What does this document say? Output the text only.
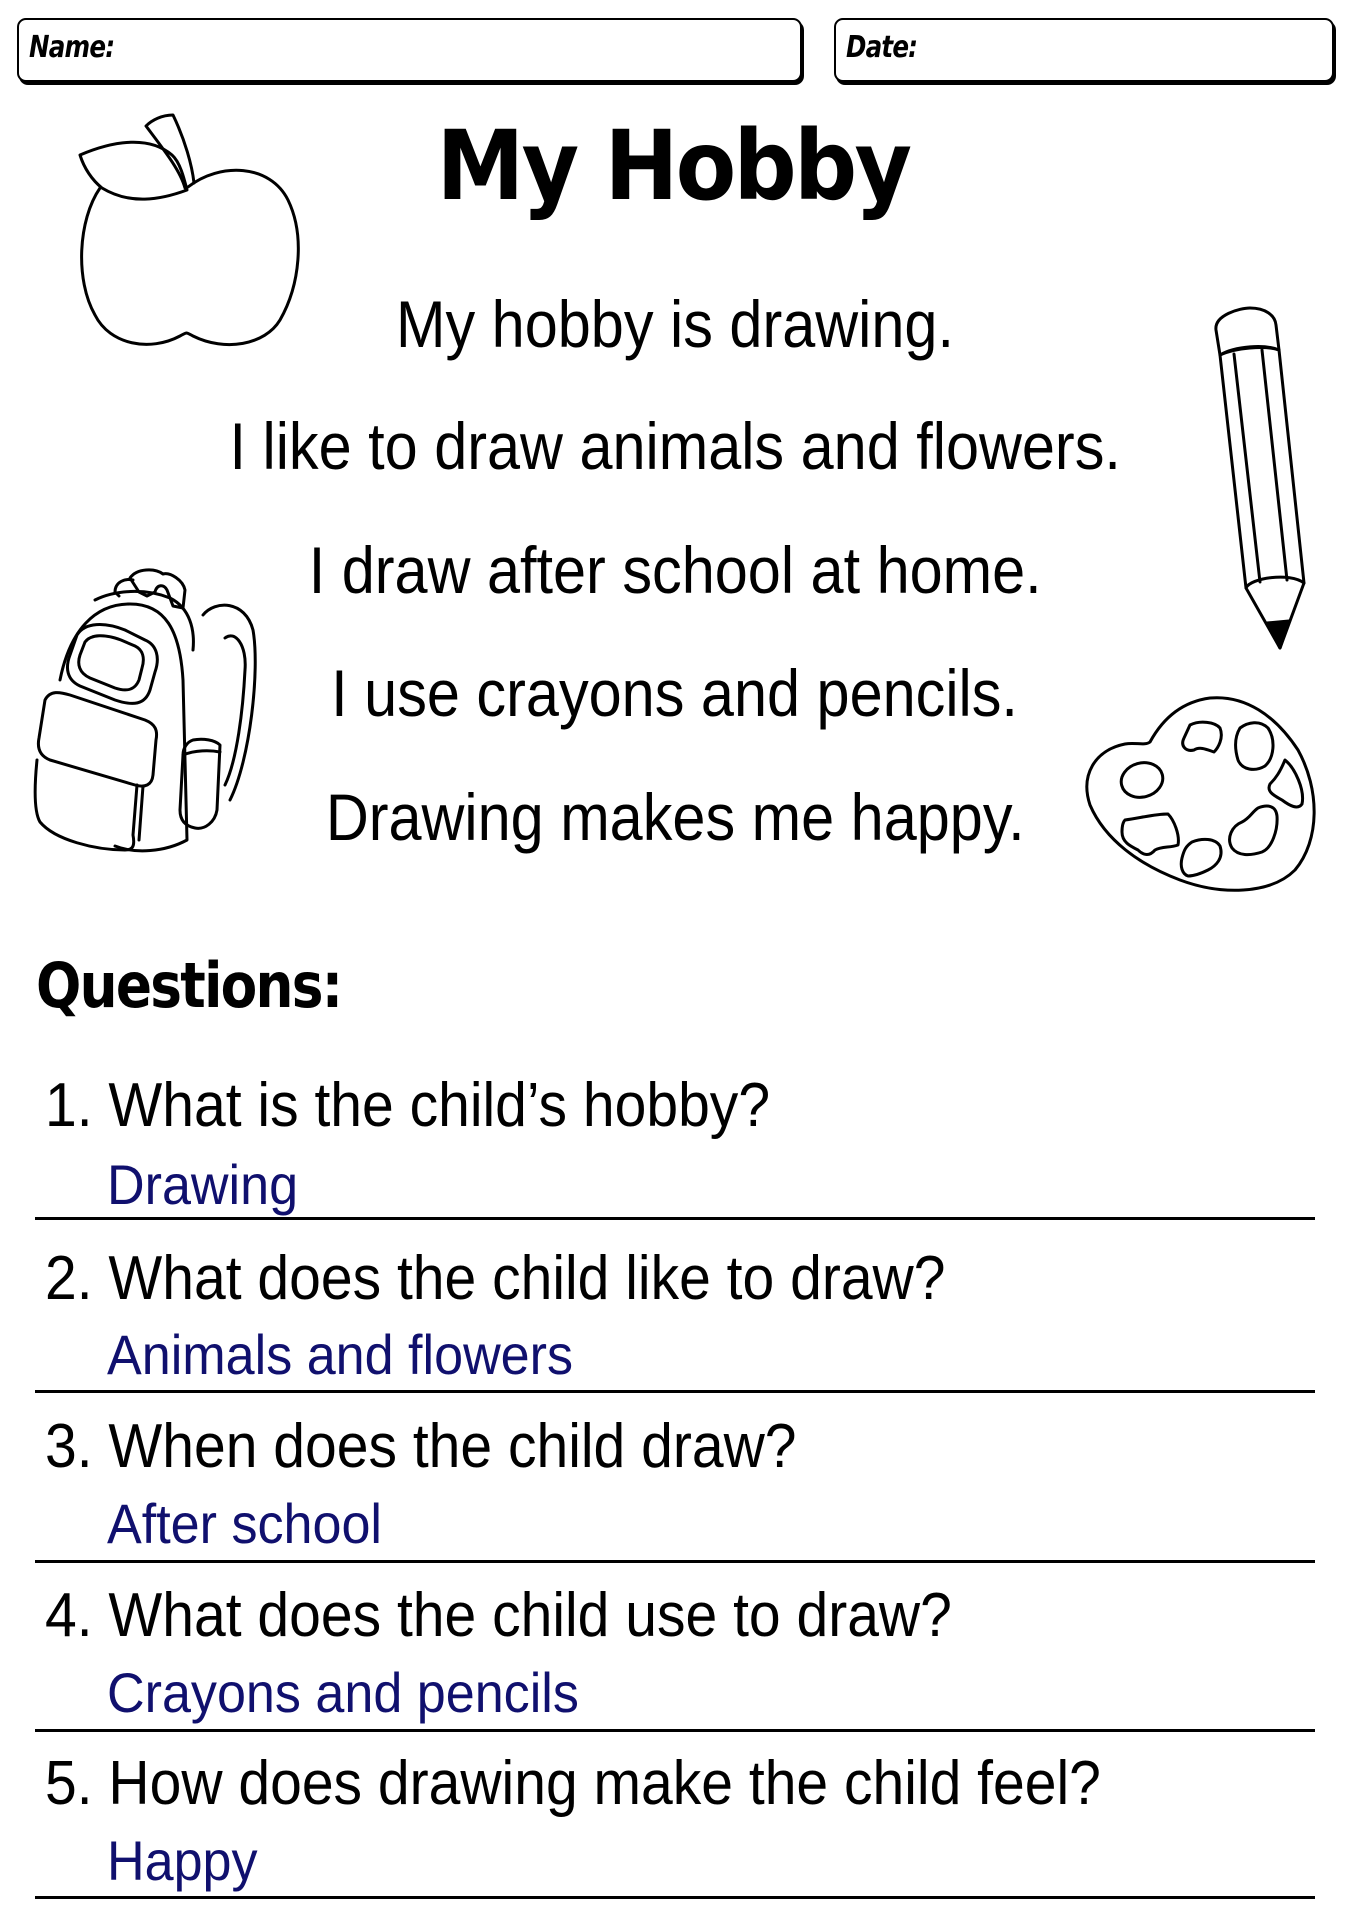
Name:	Date:
My Hobby
My hobby is drawing.
I like to draw animals and flowers.
I draw after school at home.
I use crayons and pencils.
Drawing makes me happy.
Questions:
1. What is the child’s hobby?
Drawing
2. What does the child like to draw?
Animals and flowers
3. When does the child draw?
After school
4. What does the child use to draw?
Crayons and pencils
5. How does drawing make the child feel?
Happy
